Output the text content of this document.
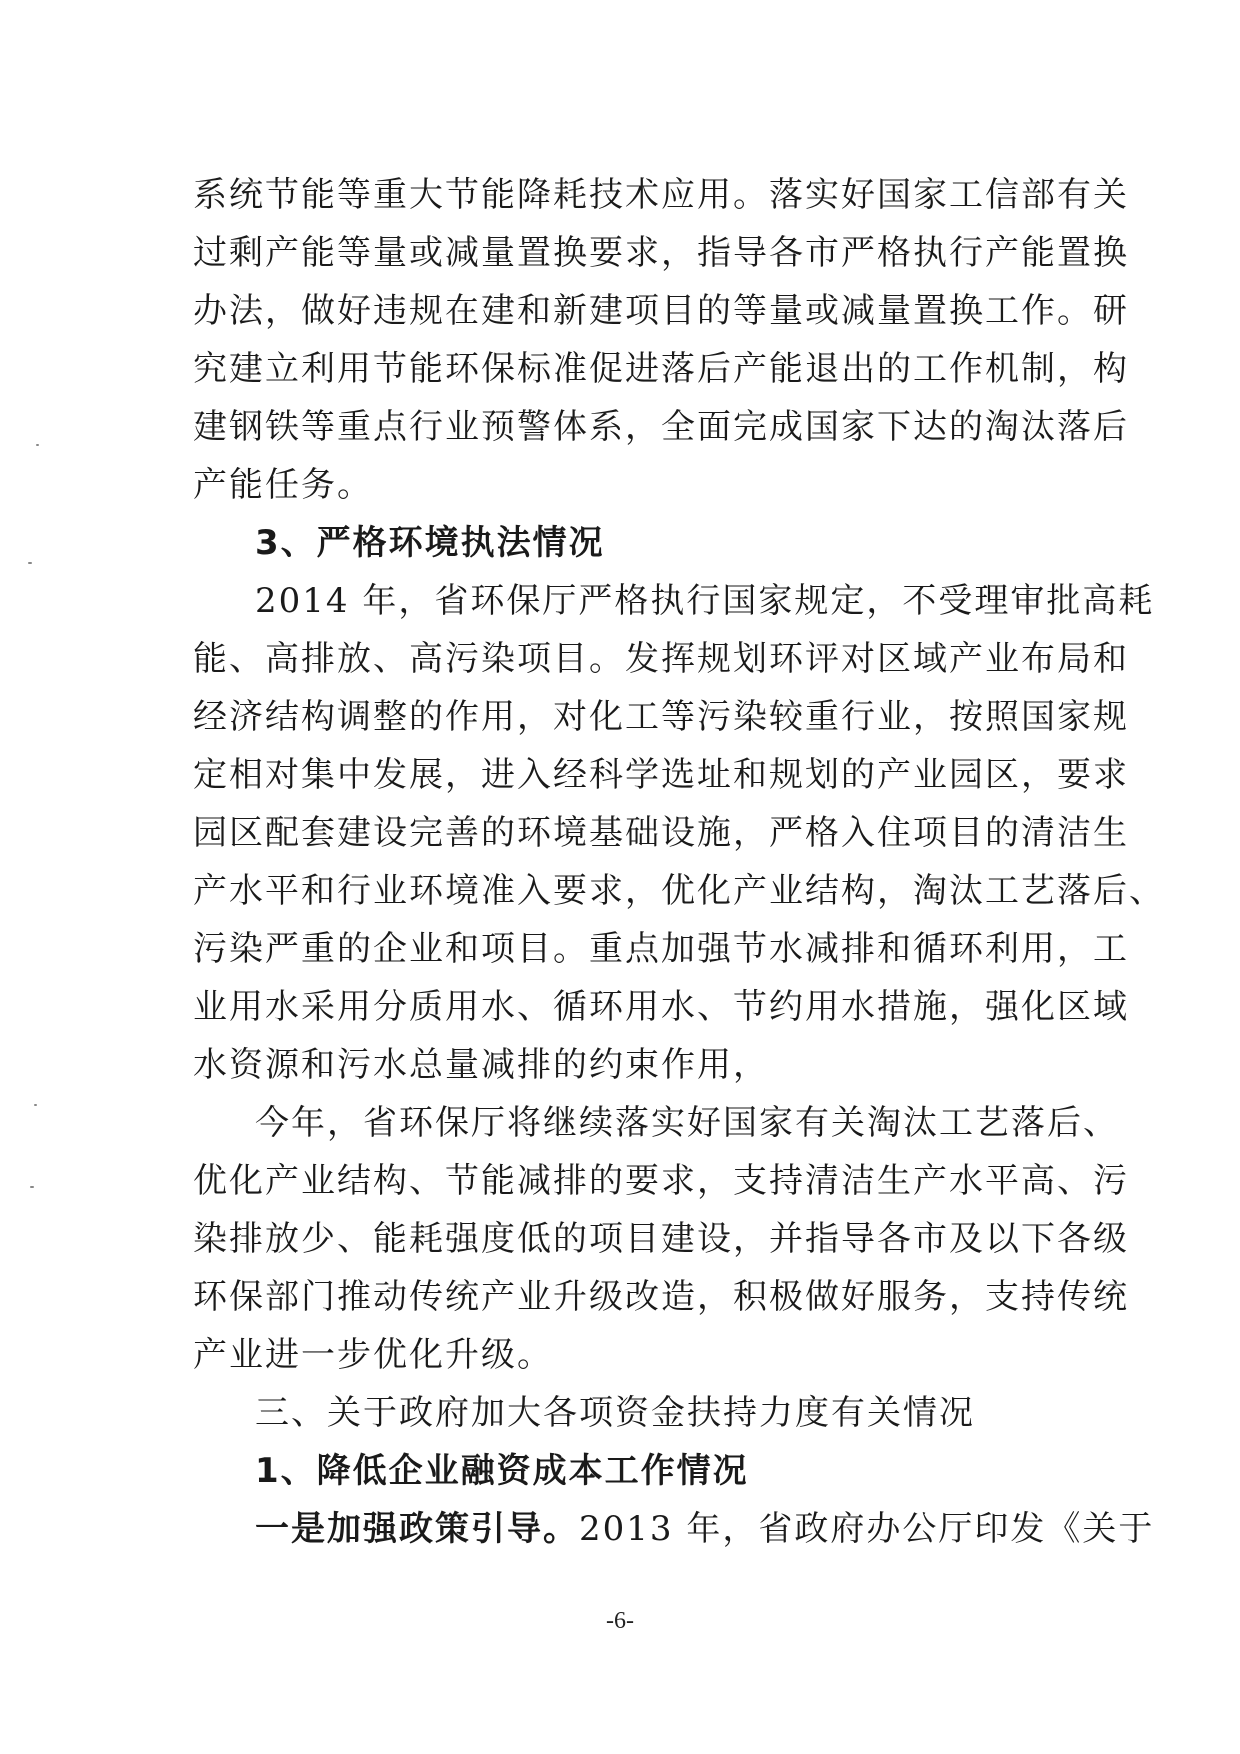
系统节能等重大节能降耗技术应用。落实好国家工信部有关
过剩产能等量或减量置换要求，指导各市严格执行产能置换
办法，做好违规在建和新建项目的等量或减量置换工作。研
究建立利用节能环保标准促进落后产能退出的工作机制，构
建钢铁等重点行业预警体系，全面完成国家下达的淘汰落后
产能任务。
3、严格环境执法情况
2014 年，省环保厅严格执行国家规定，不受理审批高耗
能、高排放、高污染项目。发挥规划环评对区域产业布局和
经济结构调整的作用，对化工等污染较重行业，按照国家规
定相对集中发展，进入经科学选址和规划的产业园区，要求
园区配套建设完善的环境基础设施，严格入住项目的清洁生
产水平和行业环境准入要求，优化产业结构，淘汰工艺落后、
污染严重的企业和项目。重点加强节水减排和循环利用，工
业用水采用分质用水、循环用水、节约用水措施，强化区域
水资源和污水总量减排的约束作用，
今年，省环保厅将继续落实好国家有关淘汰工艺落后、
优化产业结构、节能减排的要求，支持清洁生产水平高、污
染排放少、能耗强度低的项目建设，并指导各市及以下各级
环保部门推动传统产业升级改造，积极做好服务，支持传统
产业进一步优化升级。
三、关于政府加大各项资金扶持力度有关情况
1、降低企业融资成本工作情况
一是加强政策引导。2013 年，省政府办公厅印发《关于
-6-
